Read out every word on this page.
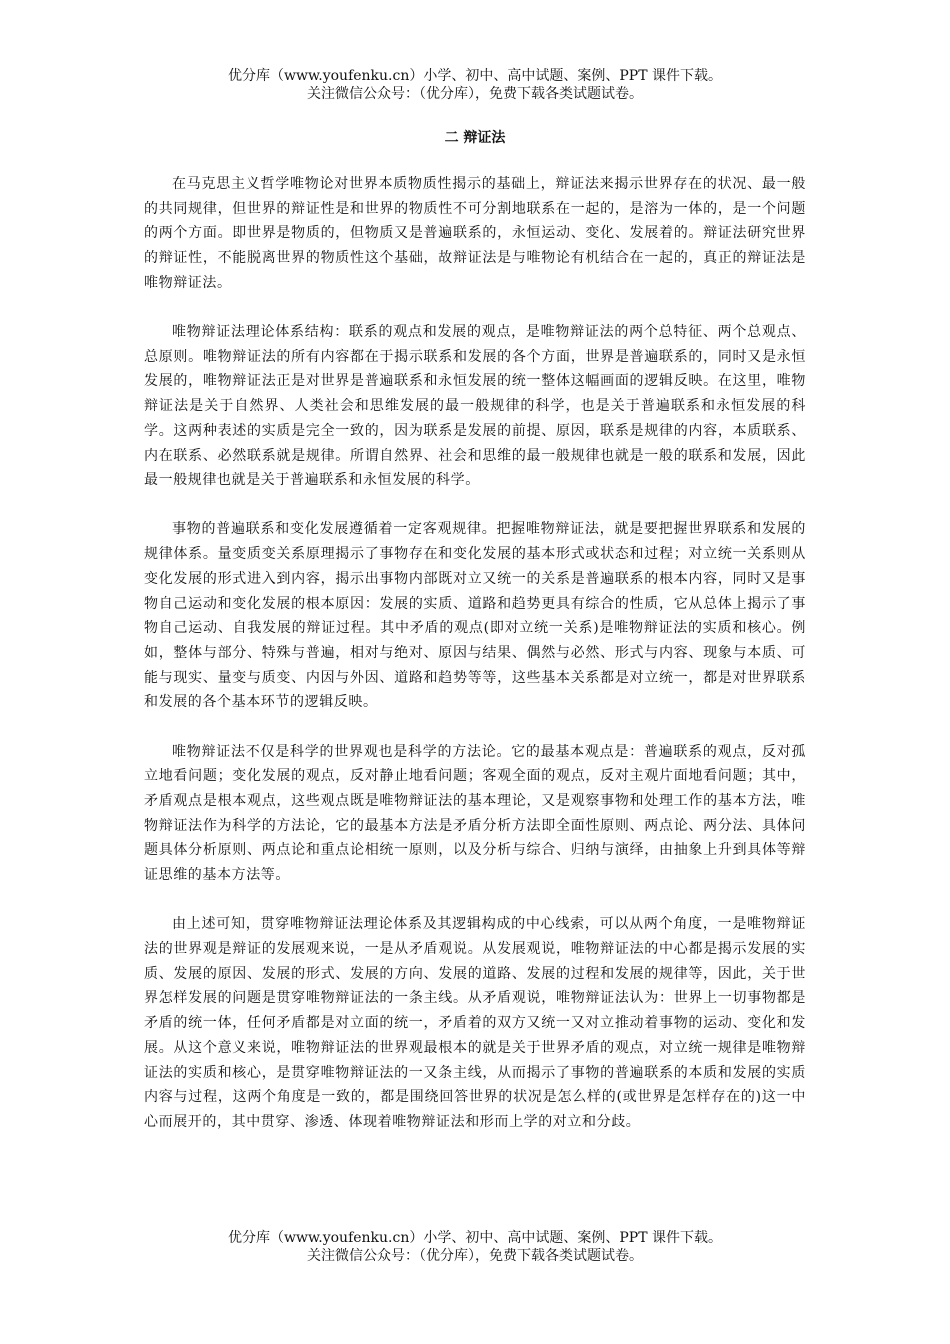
优分库（www.youfenku.cn）小学、初中、高中试题、案例、PPT 课件下载。
关注微信公众号：（优分库），免费下载各类试题试卷。
二 辩证法

在马克思主义哲学唯物论对世界本质物质性揭示的基础上，辩证法来揭示世界存在的状况、最一般的共同规律，但世界的辩证性是和世界的物质性不可分割地联系在一起的，是溶为一体的，是一个问题的两个方面。即世界是物质的，但物质又是普遍联系的，永恒运动、变化、发展着的。辩证法研究世界的辩证性，不能脱离世界的物质性这个基础，故辩证法是与唯物论有机结合在一起的，真正的辩证法是唯物辩证法。

唯物辩证法理论体系结构：联系的观点和发展的观点，是唯物辩证法的两个总特征、两个总观点、总原则。唯物辩证法的所有内容都在于揭示联系和发展的各个方面，世界是普遍联系的，同时又是永恒发展的，唯物辩证法正是对世界是普遍联系和永恒发展的统一整体这幅画面的逻辑反映。在这里，唯物辩证法是关于自然界、人类社会和思维发展的最一般规律的科学，也是关于普遍联系和永恒发展的科学。这两种表述的实质是完全一致的，因为联系是发展的前提、原因，联系是规律的内容，本质联系、内在联系、必然联系就是规律。所谓自然界、社会和思维的最一般规律也就是一般的联系和发展，因此最一般规律也就是关于普遍联系和永恒发展的科学。

事物的普遍联系和变化发展遵循着一定客观规律。把握唯物辩证法，就是要把握世界联系和发展的规律体系。量变质变关系原理揭示了事物存在和变化发展的基本形式或状态和过程；对立统一关系则从变化发展的形式进入到内容，揭示出事物内部既对立又统一的关系是普遍联系的根本内容，同时又是事物自己运动和变化发展的根本原因：发展的实质、道路和趋势更具有综合的性质，它从总体上揭示了事物自己运动、自我发展的辩证过程。其中矛盾的观点(即对立统一关系)是唯物辩证法的实质和核心。例如，整体与部分、特殊与普遍，相对与绝对、原因与结果、偶然与必然、形式与内容、现象与本质、可能与现实、量变与质变、内因与外因、道路和趋势等等，这些基本关系都是对立统一，都是对世界联系和发展的各个基本环节的逻辑反映。

唯物辩证法不仅是科学的世界观也是科学的方法论。它的最基本观点是：普遍联系的观点，反对孤立地看问题；变化发展的观点，反对静止地看问题；客观全面的观点，反对主观片面地看问题；其中，矛盾观点是根本观点，这些观点既是唯物辩证法的基本理论，又是观察事物和处理工作的基本方法，唯物辩证法作为科学的方法论，它的最基本方法是矛盾分析方法即全面性原则、两点论、两分法、具体问题具体分析原则、两点论和重点论相统一原则，以及分析与综合、归纳与演绎，由抽象上升到具体等辩证思维的基本方法等。

由上述可知，贯穿唯物辩证法理论体系及其逻辑构成的中心线索，可以从两个角度，一是唯物辩证法的世界观是辩证的发展观来说，一是从矛盾观说。从发展观说，唯物辩证法的中心都是揭示发展的实质、发展的原因、发展的形式、发展的方向、发展的道路、发展的过程和发展的规律等，因此，关于世界怎样发展的问题是贯穿唯物辩证法的一条主线。从矛盾观说，唯物辩证法认为：世界上一切事物都是矛盾的统一体，任何矛盾都是对立面的统一，矛盾着的双方又统一又对立推动着事物的运动、变化和发展。从这个意义来说，唯物辩证法的世界观最根本的就是关于世界矛盾的观点，对立统一规律是唯物辩证法的实质和核心，是贯穿唯物辩证法的一又条主线，从而揭示了事物的普遍联系的本质和发展的实质内容与过程，这两个角度是一致的，都是围绕回答世界的状况是怎么样的(或世界是怎样存在的)这一中心而展开的，其中贯穿、渗透、体现着唯物辩证法和形而上学的对立和分歧。

优分库（www.youfenku.cn）小学、初中、高中试题、案例、PPT 课件下载。
关注微信公众号：（优分库），免费下载各类试题试卷。
